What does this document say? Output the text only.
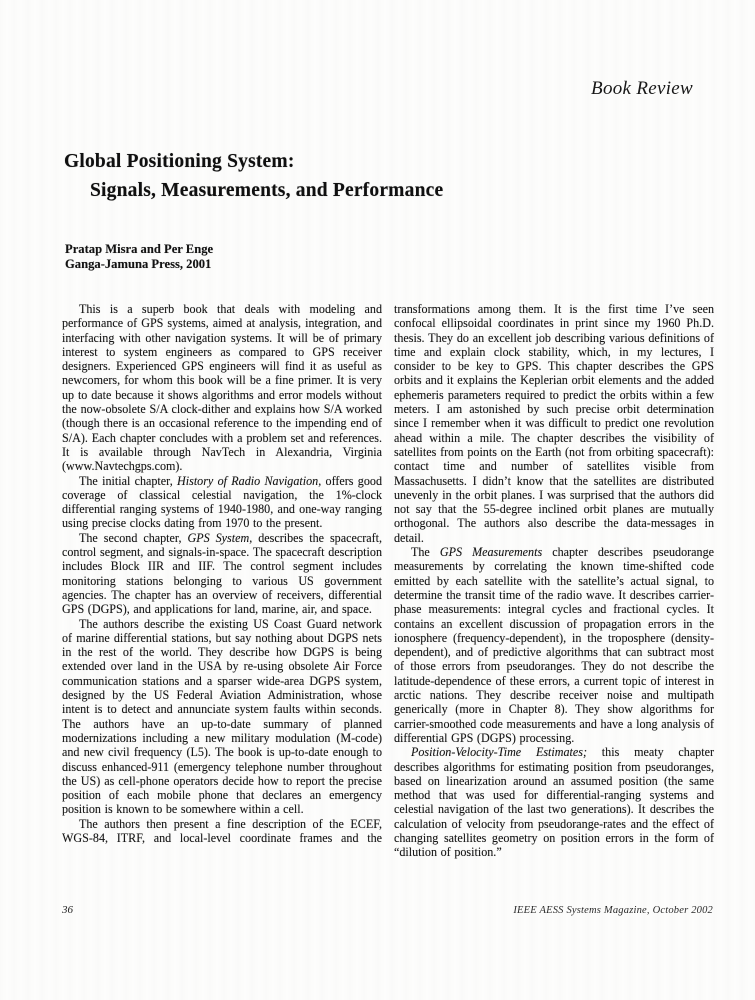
Book Review
Global Positioning System:
Signals, Measurements, and Performance
Pratap Misra and Per Enge
Ganga-Jamuna Press, 2001

This is a superb book that deals with modeling and performance of GPS systems, aimed at analysis, integration, and interfacing with other navigation systems. It will be of primary interest to system engineers as compared to GPS receiver designers. Experienced GPS engineers will find it as useful as newcomers, for whom this book will be a fine primer. It is very up to date because it shows algorithms and error models without the now-obsolete S/A clock-dither and explains how S/A worked (though there is an occasional reference to the impending end of S/A). Each chapter concludes with a problem set and references. It is available through NavTech in Alexandria, Virginia (www.Navtechgps.com).

The initial chapter, History of Radio Navigation, offers good coverage of classical celestial navigation, the 1%-clock differential ranging systems of 1940-1980, and one-way ranging using precise clocks dating from 1970 to the present.

The second chapter, GPS System, describes the spacecraft, control segment, and signals-in-space. The spacecraft description includes Block IIR and IIF. The control segment includes monitoring stations belonging to various US government agencies. The chapter has an overview of receivers, differential GPS (DGPS), and applications for land, marine, air, and space.

The authors describe the existing US Coast Guard network of marine differential stations, but say nothing about DGPS nets in the rest of the world. They describe how DGPS is being extended over land in the USA by re-using obsolete Air Force communication stations and a sparser wide-area DGPS system, designed by the US Federal Aviation Administration, whose intent is to detect and annunciate system faults within seconds. The authors have an up-to-date summary of planned modernizations including a new military modulation (M-code) and new civil frequency (L5). The book is up-to-date enough to discuss enhanced-911 (emergency telephone number throughout the US) as cell-phone operators decide how to report the precise position of each mobile phone that declares an emergency position is known to be somewhere within a cell.

The authors then present a fine description of the ECEF, WGS-84, ITRF, and local-level coordinate frames and the

transformations among them. It is the first time I’ve seen confocal ellipsoidal coordinates in print since my 1960 Ph.D. thesis. They do an excellent job describing various definitions of time and explain clock stability, which, in my lectures, I consider to be key to GPS. This chapter describes the GPS orbits and it explains the Keplerian orbit elements and the added ephemeris parameters required to predict the orbits within a few meters. I am astonished by such precise orbit determination since I remember when it was difficult to predict one revolution ahead within a mile. The chapter describes the visibility of satellites from points on the Earth (not from orbiting spacecraft): contact time and number of satellites visible from Massachusetts. I didn’t know that the satellites are distributed unevenly in the orbit planes. I was surprised that the authors did not say that the 55-degree inclined orbit planes are mutually orthogonal. The authors also describe the data-messages in detail.

The GPS Measurements chapter describes pseudorange measurements by correlating the known time-shifted code emitted by each satellite with the satellite’s actual signal, to determine the transit time of the radio wave. It describes carrier-phase measurements: integral cycles and fractional cycles. It contains an excellent discussion of propagation errors in the ionosphere (frequency-dependent), in the troposphere (density-dependent), and of predictive algorithms that can subtract most of those errors from pseudoranges. They do not describe the latitude-dependence of these errors, a current topic of interest in arctic nations. They describe receiver noise and multipath generically (more in Chapter 8). They show algorithms for carrier-smoothed code measurements and have a long analysis of differential GPS (DGPS) processing.

Position-Velocity-Time Estimates; this meaty chapter describes algorithms for estimating position from pseudoranges, based on linearization around an assumed position (the same method that was used for differential-ranging systems and celestial navigation of the last two generations). It describes the calculation of velocity from pseudorange-rates and the effect of changing satellites geometry on position errors in the form of “dilution of position.”

36	IEEE AESS Systems Magazine, October 2002
